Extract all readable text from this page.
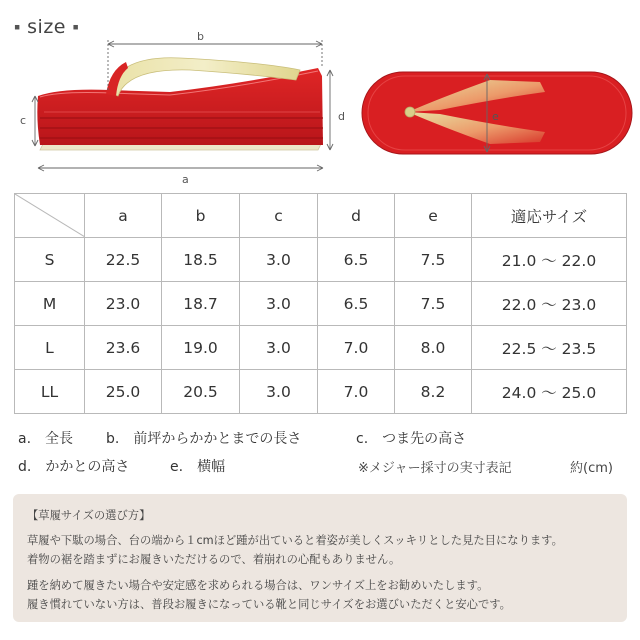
▪ size ▪
b
a
c	d	e
	a	b	c	d	e	適応サイズ
S	22.5	18.5	3.0	6.5	7.5	21.0 ～ 22.0
M	23.0	18.7	3.0	6.5	7.5	22.0 ～ 23.0
L	23.6	19.0	3.0	7.0	8.0	22.5 ～ 23.5
LL	25.0	20.5	3.0	7.0	8.2	24.0 ～ 25.0
a.　全長 b.　前坪からかかとまでの長さ	c.　つま先の高さ
d.　かかとの高さ	e.　横幅	※メジャー採寸の実寸表記	約(cm)
【草履サイズの選び方】
草履や下駄の場合、台の端から１cmほど踵が出ていると着姿が美しくスッキリとした見た目になります。
着物の裾を踏まずにお履きいただけるので、着崩れの心配もありません。
踵を納めて履きたい場合や安定感を求められる場合は、ワンサイズ上をお勧めいたします。
履き慣れていない方は、普段お履きになっている靴と同じサイズをお選びいただくと安心です。
